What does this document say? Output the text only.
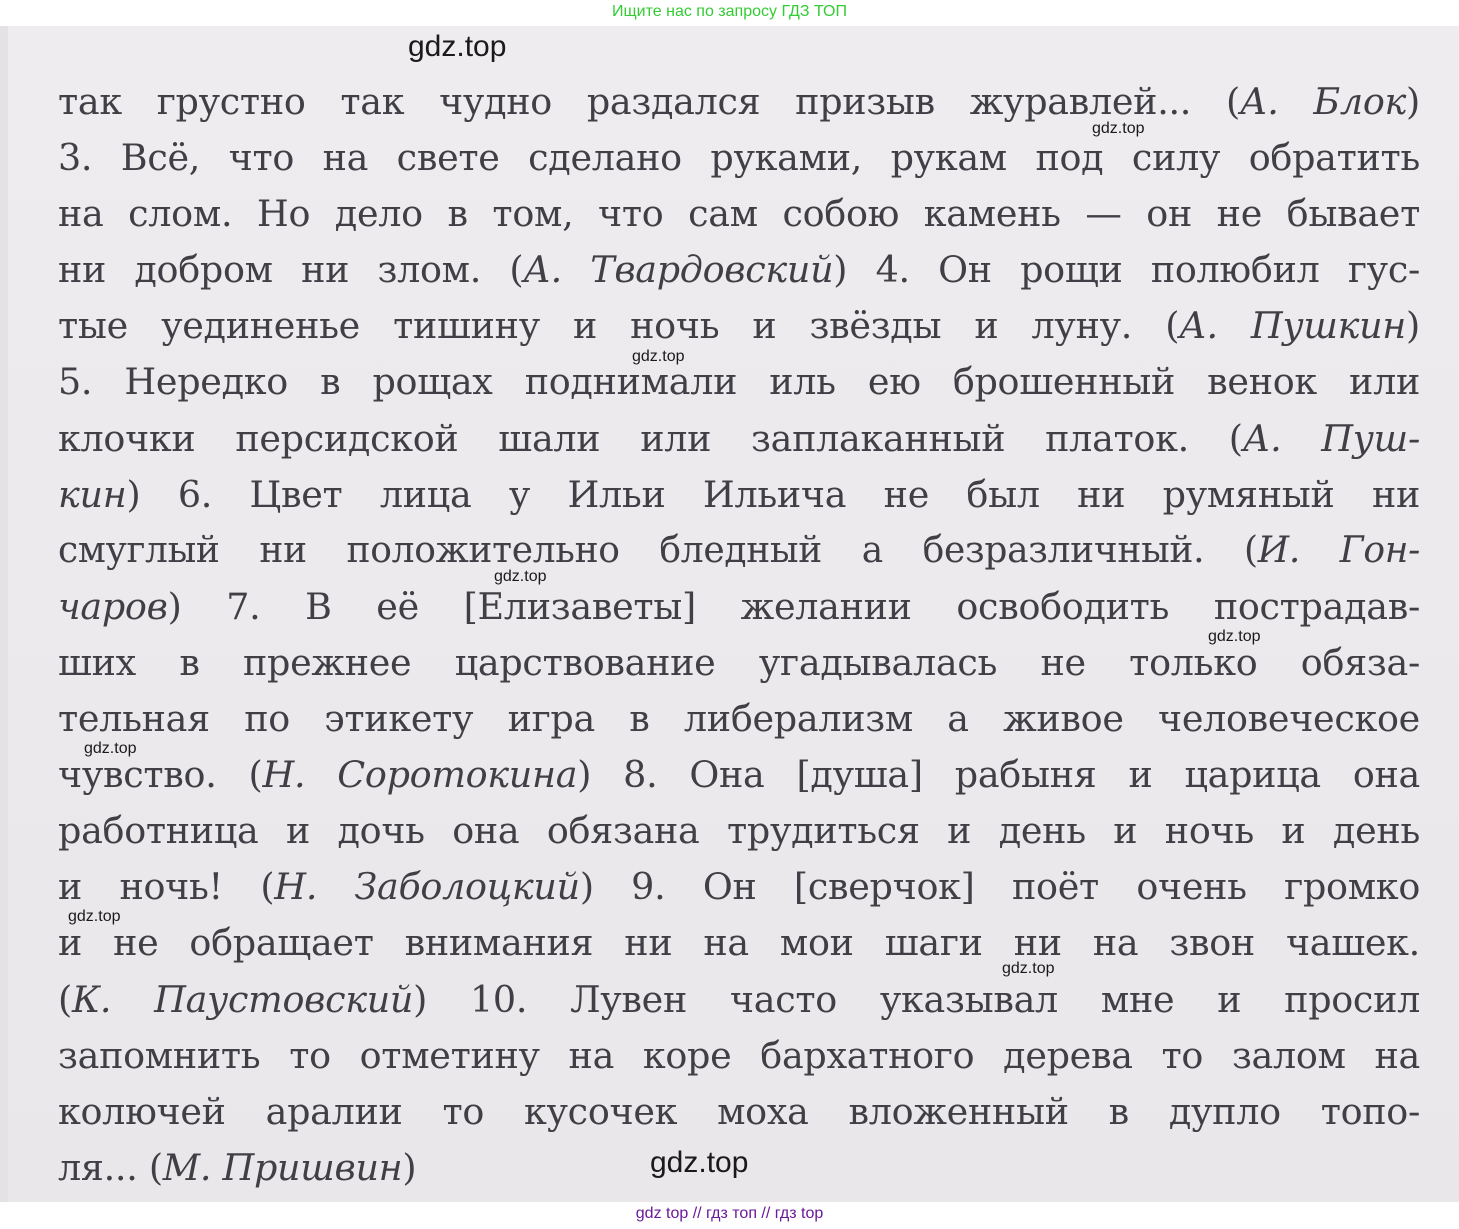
Ищите нас по запросу ГДЗ ТОП
так грустно так чудно раздался призыв журавлей... (А. Блок)
3. Всё, что на свете сделано руками, рукам под силу обратить
на слом. Но дело в том, что сам собою камень — он не бывает
ни добром ни злом. (А. Твардовский) 4. Он рощи полюбил гус-
тые уединенье тишину и ночь и звёзды и луну. (А. Пушкин)
5. Нередко в рощах поднимали иль ею брошенный венок или
клочки персидской шали или заплаканный платок. (А. Пуш-
кин) 6. Цвет лица у Ильи Ильича не был ни румяный ни
смуглый ни положительно бледный а безразличный. (И. Гон-
чаров) 7. В её [Елизаветы] желании освободить пострадав-
ших в прежнее царствование угадывалась не только обяза-
тельная по этикету игра в либерализм а живое человеческое
чувство. (Н. Соротокина) 8. Она [душа] рабыня и царица она
работница и дочь она обязана трудиться и день и ночь и день
и ночь! (Н. Заболоцкий) 9. Он [сверчок] поёт очень громко
и не обращает внимания ни на мои шаги ни на звон чашек.
(К. Паустовский) 10. Лувен часто указывал мне и просил
запомнить то отметину на коре бархатного дерева то залом на
колючей аралии то кусочек моха вложенный в дупло топо-
ля... (М. Пришвин)
gdz.top
gdz.top
gdz.top
gdz.top
gdz.top
gdz.top
gdz.top
gdz.top
gdz.top
gdz top // гдз топ // гдз top
